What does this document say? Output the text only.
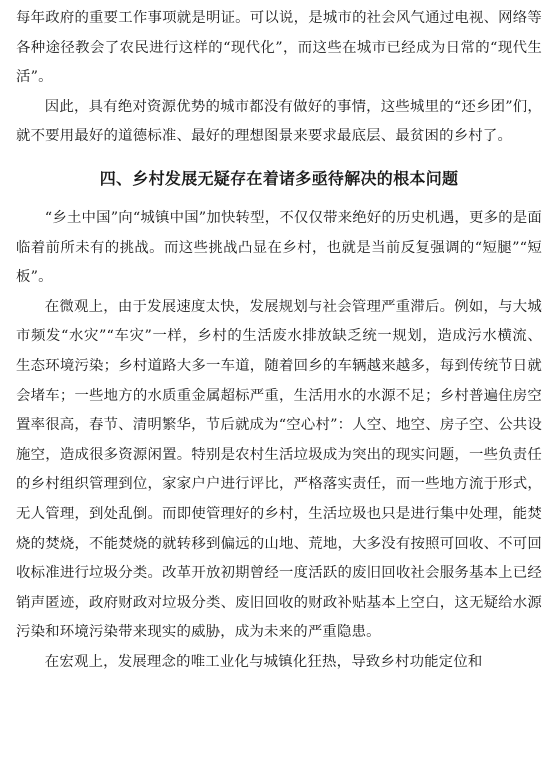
每年政府的重要工作事项就是明证。可以说，是城市的社会风气通过电视、网络等各种途径教会了农民进行这样的“现代化”，而这些在城市已经成为日常的“现代生活”。

因此，具有绝对资源优势的城市都没有做好的事情，这些城里的“还乡团”们，就不要用最好的道德标准、最好的理想图景来要求最底层、最贫困的乡村了。

四、乡村发展无疑存在着诸多亟待解决的根本问题

“乡土中国”向“城镇中国”加快转型，不仅仅带来绝好的历史机遇，更多的是面临着前所未有的挑战。而这些挑战凸显在乡村，也就是当前反复强调的“短腿”“短板”。

在微观上，由于发展速度太快，发展规划与社会管理严重滞后。例如，与大城市频发“水灾”“车灾”一样，乡村的生活废水排放缺乏统一规划，造成污水横流、生态环境污染；乡村道路大多一车道，随着回乡的车辆越来越多，每到传统节日就会堵车；一些地方的水质重金属超标严重，生活用水的水源不足；乡村普遍住房空置率很高，春节、清明繁华，节后就成为“空心村”：人空、地空、房子空、公共设施空，造成很多资源闲置。特别是农村生活垃圾成为突出的现实问题，一些负责任的乡村组织管理到位，家家户户进行评比，严格落实责任，而一些地方流于形式，无人管理，到处乱倒。而即使管理好的乡村，生活垃圾也只是进行集中处理，能焚烧的焚烧，不能焚烧的就转移到偏远的山地、荒地，大多没有按照可回收、不可回收标准进行垃圾分类。改革开放初期曾经一度活跃的废旧回收社会服务基本上已经销声匿迹，政府财政对垃圾分类、废旧回收的财政补贴基本上空白，这无疑给水源污染和环境污染带来现实的威胁，成为未来的严重隐患。

在宏观上，发展理念的唯工业化与城镇化狂热，导致乡村功能定位和
